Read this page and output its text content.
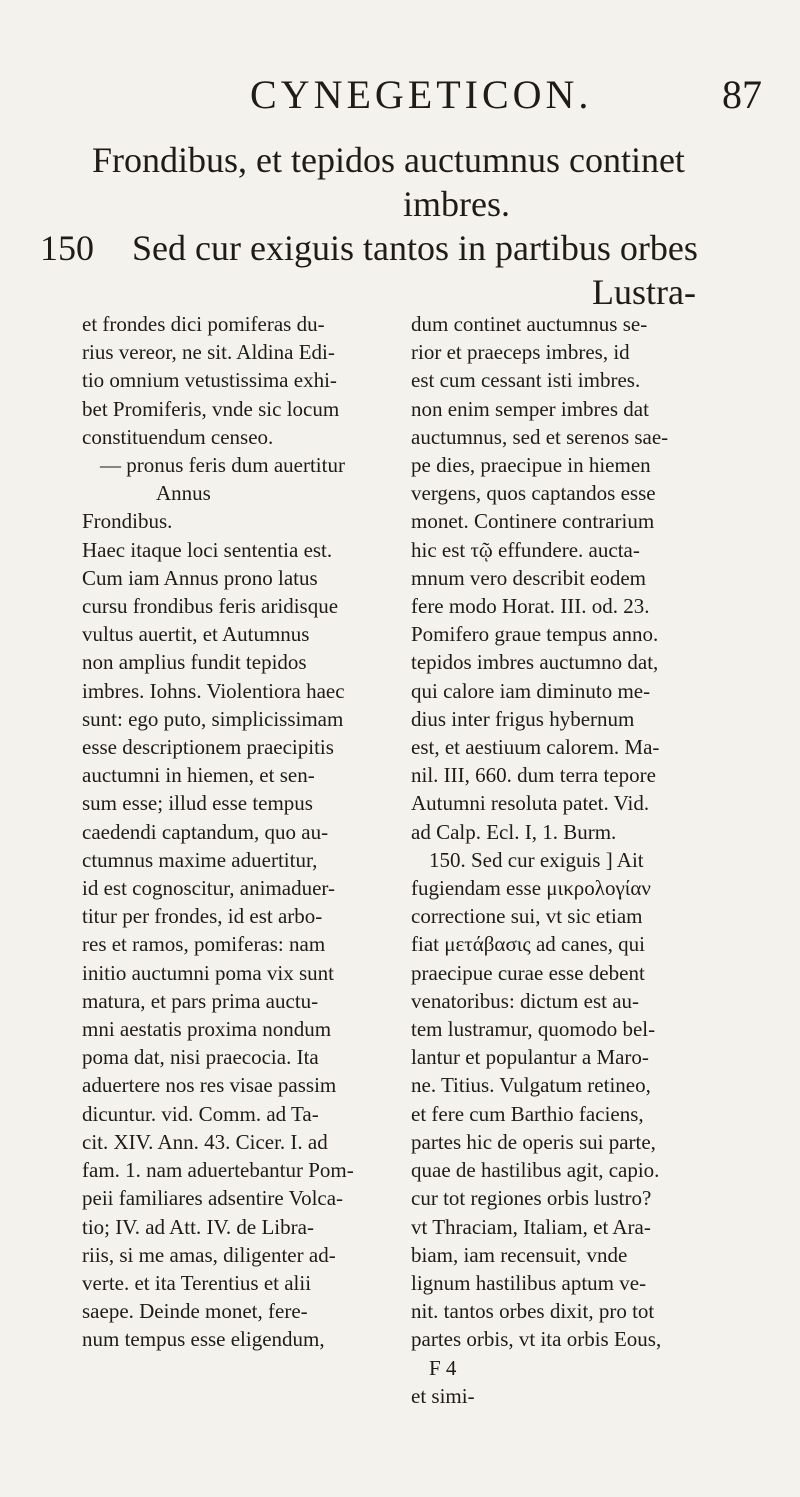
CYNEGETICON.	87
Frondibus, et tepidos auctumnus continet
imbres.
150 Sed cur exiguis tantos in partibus orbes
Lustra-

et frondes dici pomiferas du-

rius vereor, ne sit. Aldina Edi-

tio omnium vetustissima exhi-

bet Promiferis, vnde sic locum

constituendum censeo.

— pronus feris dum auertitur

Annus

Frondibus.

Haec itaque loci sententia est.

Cum iam Annus prono latus

cursu frondibus feris aridisque

vultus auertit, et Autumnus

non amplius fundit tepidos

imbres. Iohns. Violentiora haec

sunt: ego puto, simplicissimam

esse descriptionem praecipitis

auctumni in hiemen, et sen-

sum esse; illud esse tempus

caedendi captandum, quo au-

ctumnus maxime aduertitur,

id est cognoscitur, animaduer-

titur per frondes, id est arbo-

res et ramos, pomiferas: nam

initio auctumni poma vix sunt

matura, et pars prima auctu-

mni aestatis proxima nondum

poma dat, nisi praecocia. Ita

aduertere nos res visae passim

dicuntur. vid. Comm. ad Ta-

cit. XIV. Ann. 43. Cicer. I. ad

fam. 1. nam aduertebantur Pom-

peii familiares adsentire Volca-

tio; IV. ad Att. IV. de Libra-

riis, si me amas, diligenter ad-

verte. et ita Terentius et alii

saepe. Deinde monet, fere-

num tempus esse eligendum,

dum continet auctumnus se-

rior et praeceps imbres, id

est cum cessant isti imbres.

non enim semper imbres dat

auctumnus, sed et serenos sae-

pe dies, praecipue in hiemen

vergens, quos captandos esse

monet. Continere contrarium

hic est τῷ effundere. aucta-

mnum vero describit eodem

fere modo Horat. III. od. 23.

Pomifero graue tempus anno.

tepidos imbres auctumno dat,

qui calore iam diminuto me-

dius inter frigus hybernum

est, et aestiuum calorem. Ma-

nil. III, 660. dum terra tepore

Autumni resoluta patet. Vid.

ad Calp. Ecl. I, 1. Burm.

150. Sed cur exiguis ] Ait

fugiendam esse μικρολογίαν

correctione sui, vt sic etiam

fiat μετάβασις ad canes, qui

praecipue curae esse debent

venatoribus: dictum est au-

tem lustramur, quomodo bel-

lantur et populantur a Maro-

ne. Titius. Vulgatum retineo,

et fere cum Barthio faciens,

partes hic de operis sui parte,

quae de hastilibus agit, capio.

cur tot regiones orbis lustro?

vt Thraciam, Italiam, et Ara-

biam, iam recensuit, vnde

lignum hastilibus aptum ve-

nit. tantos orbes dixit, pro tot

partes orbis, vt ita orbis Eous,

F 4

et simi-
